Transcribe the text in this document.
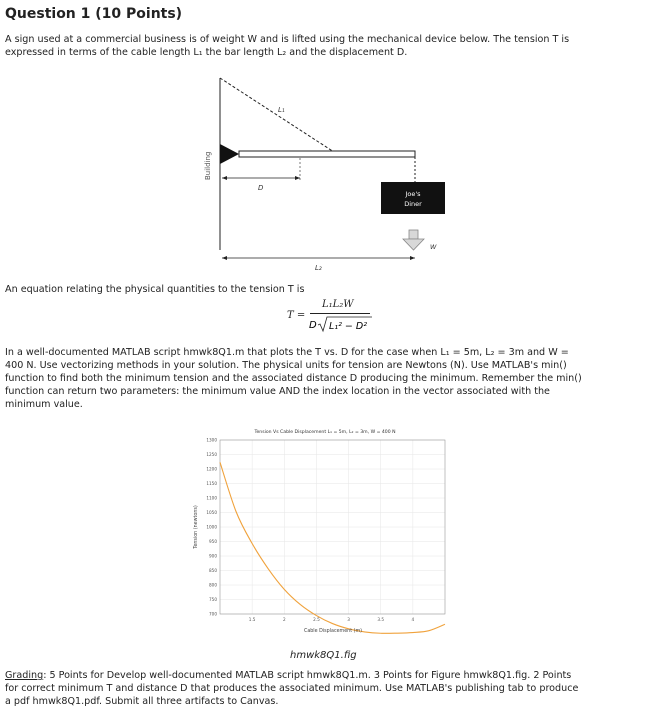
Question 1 (10 Points)
A sign used at a commercial business is of weight W and is lifted using the mechanical device below. The tension T is
expressed in terms of the cable length L₁ the bar length L₂ and the displacement D.
Building
L₁
D
Joe's
Diner
W
L₂
An equation relating the physical quantities to the tension T is
T =
L₁L₂W
D L₁² − D²
In a well-documented MATLAB script hmwk8Q1.m that plots the T vs. D for the case when L₁ = 5m, L₂ = 3m and W =
400 N. Use vectorizing methods in your solution. The physical units for tension are Newtons (N). Use MATLAB's min()
function to find both the minimum tension and the associated distance D producing the minimum. Remember the min()
function can return two parameters: the minimum value AND the index location in the vector associated with the
minimum value.
Tension Vs Cable Displacement L₁ = 5m, L₂ = 3m, W = 400 N
700
750
800
850
900
950
1000
1050
1100
1150
1200
1250
1300
1.5	2	2.5	3	3.5	4
Tension (newtons)
Cable Displacement (m)
hmwk8Q1.fig
Grading: 5 Points for Develop well-documented MATLAB script hmwk8Q1.m. 3 Points for Figure hmwk8Q1.fig. 2 Points
for correct minimum T and distance D that produces the associated minimum. Use MATLAB's publishing tab to produce
a pdf hmwk8Q1.pdf. Submit all three artifacts to Canvas.
